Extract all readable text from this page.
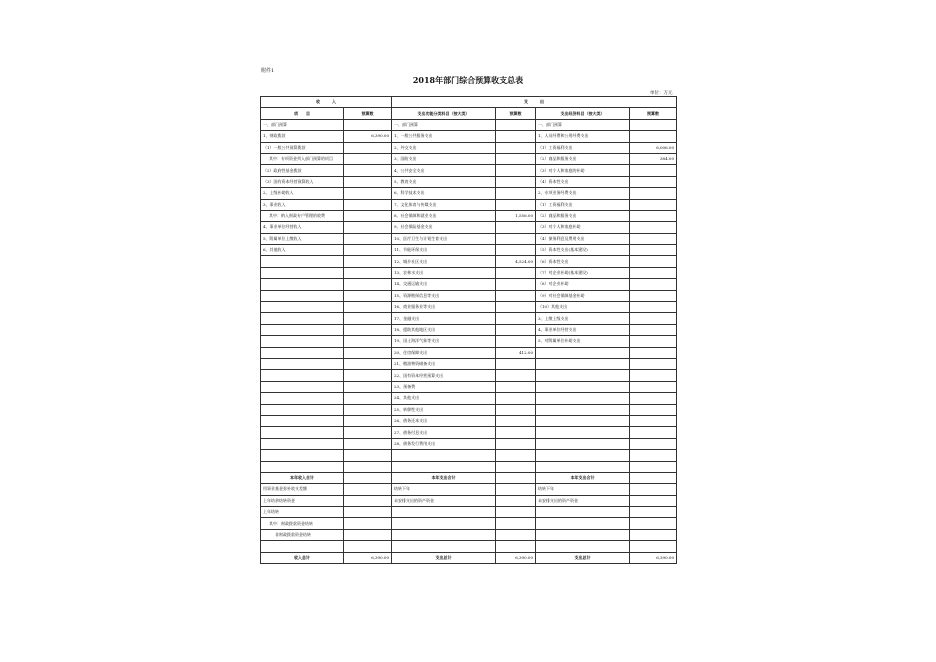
附件1
2018年部门综合预算收支总表
单位：万元
收　　　入		支　　　出			
项　　目	预算数	支出功能分类科目（按大类）	预算数	支出经济科目（按大类）	预算数
一、部门预算		一、部门预算		一、部门预算	
1、财政拨款	6,390.00	1、一般公共服务支出		1、人员经费和公用经费支出	
（1）一般公共预算拨款		2、外交支出		（1）工资福利支出	6,006.00
其中：专项资金列入部门预算的项目		3、国防支出		（2）商品和服务支出	384.00
（2）政府性基金拨款		4、公共安全支出		（3）对个人和家庭的补助	
（3）国有资本经营预算收入		5、教育支出		（4）资本性支出	
2、上级补助收入		6、科学技术支出		2、专项业务经费支出	
3、事业收入		7、文化体育与传媒支出		（1）工资福利支出	
其中：纳入财政专户管理的收费		8、社会保障和就业支出	1,556.00	（2）商品和服务支出	
4、事业单位经营收入		9、社会保险基金支出		（3）对个人和家庭补助	
5、附属单位上缴收入		10、医疗卫生与计划生育支出		（4）债务利息及费用支出	
6、其他收入		11、节能环保支出		（5）资本性支出(基本建设)	
		12、城乡社区支出	4,524.00	（6）资本性支出	
		13、农林水支出		（7）对企业补助(基本建设)	
		14、交通运输支出		（8）对企业补助	
		15、资源勘探信息等支出		（9）对社会保障基金补助	
		16、商业服务业等支出		（10）其他支出	
		17、金融支出		3、上缴上级支出	
		18、援助其他地区支出		4、事业单位经营支出	
		19、国土海洋气象等支出		5、对附属单位补助支出	
		20、住房保障支出	412.00		
		21、粮油物资储备支出			
		22、国有资本经营预算支出			
		23、预备费			
		24、其他支出			
		25、转移性支出			
		26、债务还本支出			
		27、债务付息支出			
		28、债务发行费用支出			

本年收入合计		本年支出合计		本年支出合计	
用事业基金弥补收支差额		结转下年		结转下年	
上年结余结转资金		未安排支出的资产资金		未安排支出的资产资金	
上年结转					
其中：财政拨款资金结转					
非财政拨款资金结转					

收入总计	6,390.00	支出总计	6,390.00	支出总计	6,390.00
